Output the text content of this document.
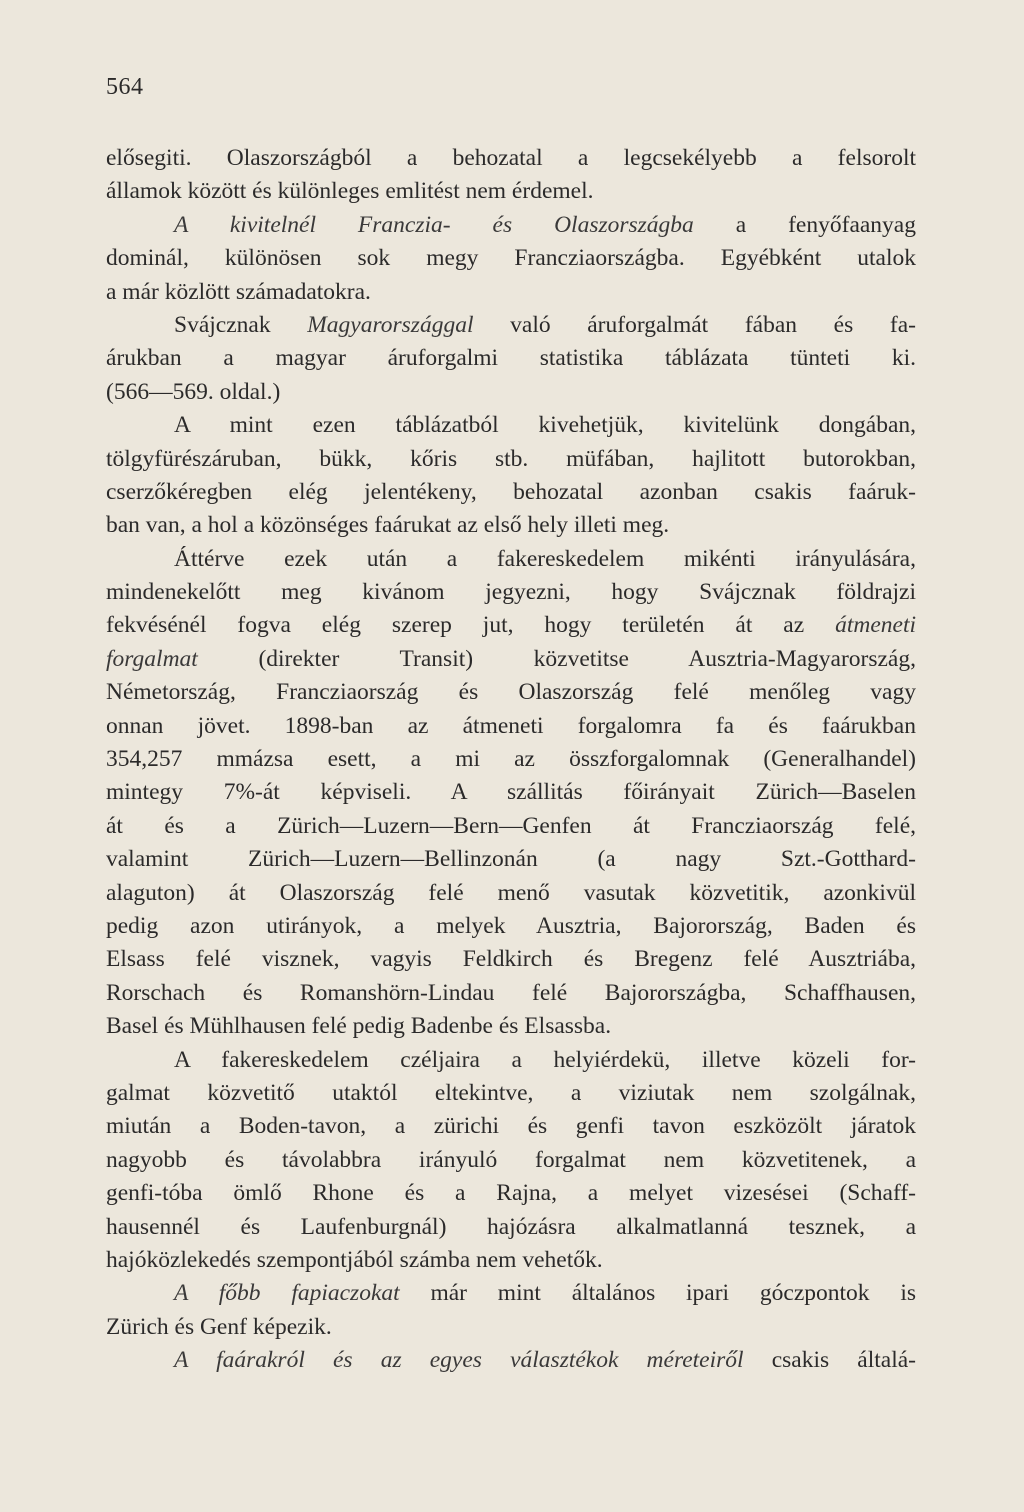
564
elősegiti. Olaszországból a behozatal a legcsekélyebb a felsorolt
államok között és különleges emlitést nem érdemel.
A kivitelnél Franczia- és Olaszországba a fenyőfaanyag
dominál, különösen sok megy Francziaországba. Egyébként utalok
a már közlött számadatokra.
Svájcznak Magyarországgal való áruforgalmát fában és fa-
árukban a magyar áruforgalmi statistika táblázata tünteti ki.
(566—569. oldal.)
A mint ezen táblázatból kivehetjük, kivitelünk dongában,
tölgyfürészáruban, bükk, kőris stb. müfában, hajlitott butorokban,
cserzőkéregben elég jelentékeny, behozatal azonban csakis faáruk-
ban van, a hol a közönséges faárukat az első hely illeti meg.
Áttérve ezek után a fakereskedelem mikénti irányulására,
mindenekelőtt meg kivánom jegyezni, hogy Svájcznak földrajzi
fekvésénél fogva elég szerep jut, hogy területén át az átmeneti
forgalmat (direkter Transit) közvetitse Ausztria-Magyarország,
Németország, Francziaország és Olaszország felé menőleg vagy
onnan jövet. 1898-ban az átmeneti forgalomra fa és faárukban
354,257 mmázsa esett, a mi az összforgalomnak (Generalhandel)
mintegy 7%-át képviseli. A szállitás főirányait Zürich—Baselen
át és a Zürich—Luzern—Bern—Genfen át Francziaország felé,
valamint Zürich—Luzern—Bellinzonán (a nagy Szt.-Gotthard-
alaguton) át Olaszország felé menő vasutak közvetitik, azonkivül
pedig azon utirányok, a melyek Ausztria, Bajorország, Baden és
Elsass felé visznek, vagyis Feldkirch és Bregenz felé Ausztriába,
Rorschach és Romanshörn-Lindau felé Bajorországba, Schaffhausen,
Basel és Mühlhausen felé pedig Badenbe és Elsassba.
A fakereskedelem czéljaira a helyiérdekü, illetve közeli for-
galmat közvetitő utaktól eltekintve, a viziutak nem szolgálnak,
miután a Boden-tavon, a zürichi és genfi tavon eszközölt járatok
nagyobb és távolabbra irányuló forgalmat nem közvetitenek, a
genfi-tóba ömlő Rhone és a Rajna, a melyet vizesései (Schaff-
hausennél és Laufenburgnál) hajózásra alkalmatlanná tesznek, a
hajóközlekedés szempontjából számba nem vehetők.
A főbb fapiaczokat már mint általános ipari góczpontok is
Zürich és Genf képezik.
A faárakról és az egyes választékok méreteiről csakis általá-
